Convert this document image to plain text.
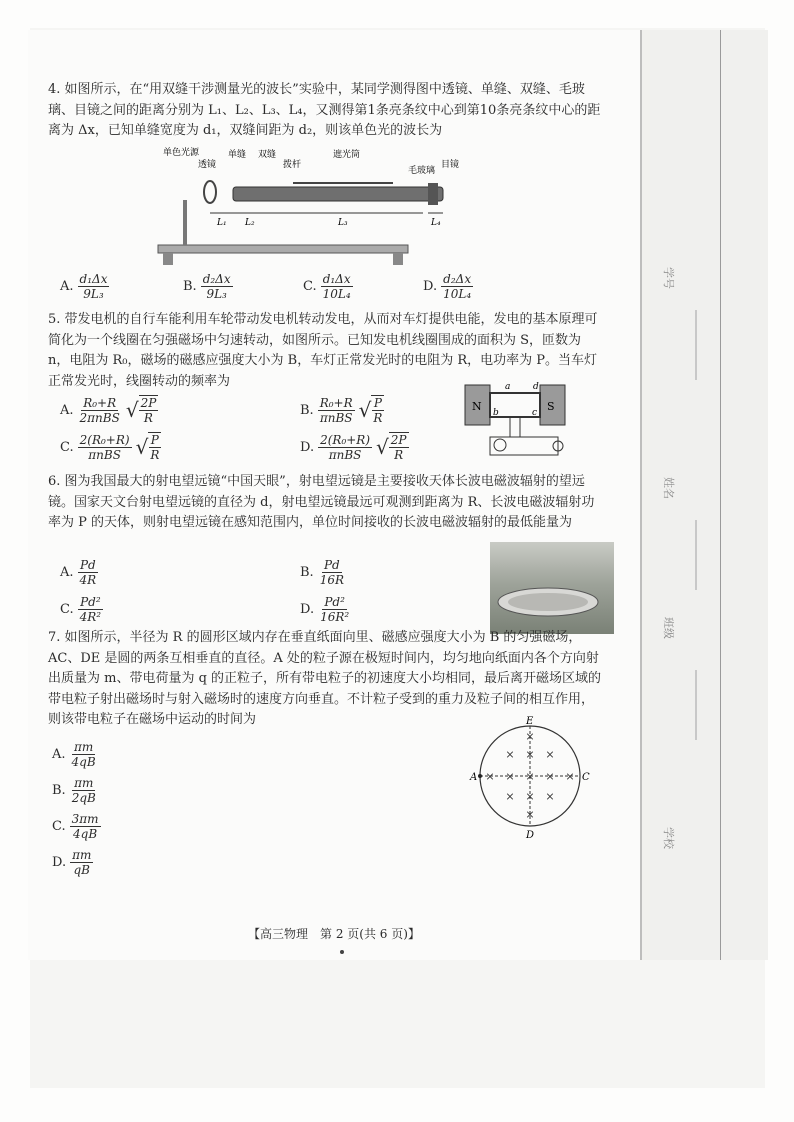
学号
姓名
班级
学校

4. 如图所示，在“用双缝干涉测量光的波长”实验中，某同学测得图中透镜、单缝、双缝、毛玻璃、目镜之间的距离分别为 L₁、L₂、L₃、L₄，又测得第1条亮条纹中心到第10条亮条纹中心的距离为 Δx，已知单缝宽度为 d₁，双缝间距为 d₂，则该单色光的波长为

单色光源
透镜
单缝 双缝
拨杆
遮光筒
毛玻璃
目镜
L₁ L₂	L₃	L₄
A. $\frac{\text{d₁Δx}}{\text{9L₃}}$	B. $\frac{\text{d₂Δx}}{\text{9L₃}}$	C. $\frac{\text{d₁Δx}}{\text{10L₄}}$	D. $\frac{\text{d₂Δx}}{\text{10L₄}}$

5. 带发电机的自行车能利用车轮带动发电机转动发电，从而对车灯提供电能，发电的基本原理可简化为一个线圈在匀强磁场中匀速转动，如图所示。已知发电机线圈围成的面积为 S，匝数为 n，电阻为 R₀，磁场的磁感应强度大小为 B，车灯正常发光时的电阻为 R，电功率为 P。当车灯正常发光时，线圈转动的频率为

N	S
a	d
b	c
A. $\frac{\text{R₀+R}}{\text{2πnBS}}$ √ $\frac{2P}{R}$	B. $\frac{\text{R₀+R}}{\text{πnBS}}$ √ $\frac{P}{R}$
C. $\frac{\text{2(R₀+R)}}{\text{πnBS}}$ √ $\frac{P}{R}$	D. $\frac{\text{2(R₀+R)}}{\text{πnBS}}$ √ $\frac{2P}{R}$

6. 图为我国最大的射电望远镜“中国天眼”，射电望远镜是主要接收天体长波电磁波辐射的望远镜。国家天文台射电望远镜的直径为 d，射电望远镜最远可观测到距离为 R、长波电磁波辐射功率为 P 的天体，则射电望远镜在感知范围内，单位时间接收的长波电磁波辐射的最低能量为

A. $\frac{Pd}{4R}$	B. $\frac{Pd}{16R}$
C. $\frac{\text{Pd²}}{\text{4R²}}$	D. $\frac{\text{Pd²}}{\text{16R²}}$

7. 如图所示，半径为 R 的圆形区域内存在垂直纸面向里、磁感应强度大小为 B 的匀强磁场，AC、DE 是圆的两条互相垂直的直径。A 处的粒子源在极短时间内，均匀地向纸面内各个方向射出质量为 m、带电荷量为 q 的正粒子，所有带电粒子的初速度大小均相同，最后离开磁场区域的带电粒子射出磁场时与射入磁场时的速度方向垂直。不计粒子受到的重力及粒子间的相互作用，则该带电粒子在磁场中运动的时间为

×
× × ×
× × × × ×
× × ×
×
A	C
D
E
A. $\frac{\pi m}{4qB}$
B. $\frac{\pi m}{2qB}$
C. $\frac{3\pi m}{4qB}$
D. $\frac{\pi m}{qB}$
【高三物理　第 2 页(共 6 页)】
